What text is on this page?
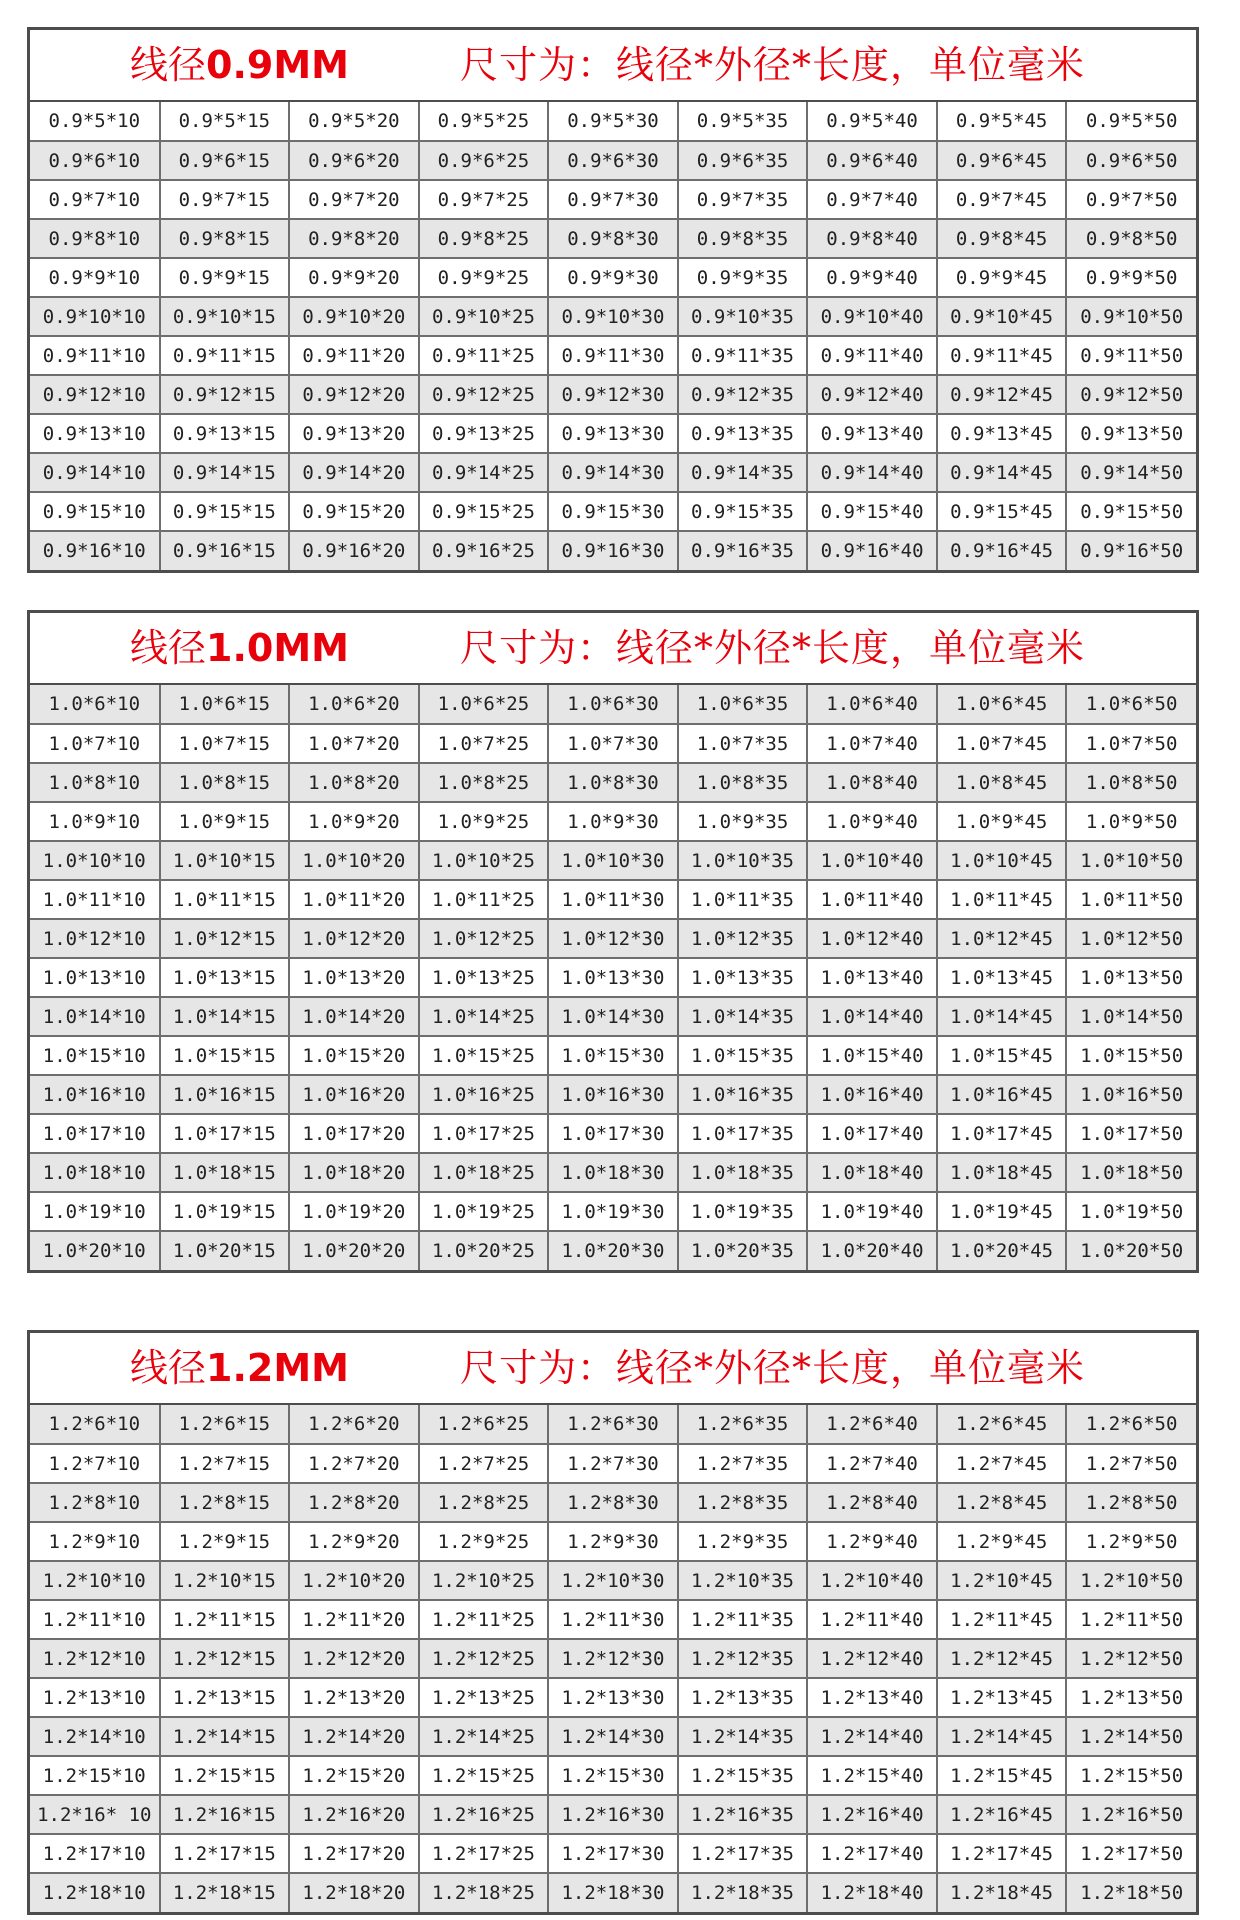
线径0.9MM	尺寸为：线径*外径*长度，单位毫米
0.9*5*10	0.9*5*15	0.9*5*20	0.9*5*25	0.9*5*30	0.9*5*35	0.9*5*40	0.9*5*45	0.9*5*50
0.9*6*10	0.9*6*15	0.9*6*20	0.9*6*25	0.9*6*30	0.9*6*35	0.9*6*40	0.9*6*45	0.9*6*50
0.9*7*10	0.9*7*15	0.9*7*20	0.9*7*25	0.9*7*30	0.9*7*35	0.9*7*40	0.9*7*45	0.9*7*50
0.9*8*10	0.9*8*15	0.9*8*20	0.9*8*25	0.9*8*30	0.9*8*35	0.9*8*40	0.9*8*45	0.9*8*50
0.9*9*10	0.9*9*15	0.9*9*20	0.9*9*25	0.9*9*30	0.9*9*35	0.9*9*40	0.9*9*45	0.9*9*50
0.9*10*10	0.9*10*15	0.9*10*20	0.9*10*25	0.9*10*30	0.9*10*35	0.9*10*40	0.9*10*45	0.9*10*50
0.9*11*10	0.9*11*15	0.9*11*20	0.9*11*25	0.9*11*30	0.9*11*35	0.9*11*40	0.9*11*45	0.9*11*50
0.9*12*10	0.9*12*15	0.9*12*20	0.9*12*25	0.9*12*30	0.9*12*35	0.9*12*40	0.9*12*45	0.9*12*50
0.9*13*10	0.9*13*15	0.9*13*20	0.9*13*25	0.9*13*30	0.9*13*35	0.9*13*40	0.9*13*45	0.9*13*50
0.9*14*10	0.9*14*15	0.9*14*20	0.9*14*25	0.9*14*30	0.9*14*35	0.9*14*40	0.9*14*45	0.9*14*50
0.9*15*10	0.9*15*15	0.9*15*20	0.9*15*25	0.9*15*30	0.9*15*35	0.9*15*40	0.9*15*45	0.9*15*50
0.9*16*10	0.9*16*15	0.9*16*20	0.9*16*25	0.9*16*30	0.9*16*35	0.9*16*40	0.9*16*45	0.9*16*50
线径1.0MM	尺寸为：线径*外径*长度，单位毫米
1.0*6*10	1.0*6*15	1.0*6*20	1.0*6*25	1.0*6*30	1.0*6*35	1.0*6*40	1.0*6*45	1.0*6*50
1.0*7*10	1.0*7*15	1.0*7*20	1.0*7*25	1.0*7*30	1.0*7*35	1.0*7*40	1.0*7*45	1.0*7*50
1.0*8*10	1.0*8*15	1.0*8*20	1.0*8*25	1.0*8*30	1.0*8*35	1.0*8*40	1.0*8*45	1.0*8*50
1.0*9*10	1.0*9*15	1.0*9*20	1.0*9*25	1.0*9*30	1.0*9*35	1.0*9*40	1.0*9*45	1.0*9*50
1.0*10*10	1.0*10*15	1.0*10*20	1.0*10*25	1.0*10*30	1.0*10*35	1.0*10*40	1.0*10*45	1.0*10*50
1.0*11*10	1.0*11*15	1.0*11*20	1.0*11*25	1.0*11*30	1.0*11*35	1.0*11*40	1.0*11*45	1.0*11*50
1.0*12*10	1.0*12*15	1.0*12*20	1.0*12*25	1.0*12*30	1.0*12*35	1.0*12*40	1.0*12*45	1.0*12*50
1.0*13*10	1.0*13*15	1.0*13*20	1.0*13*25	1.0*13*30	1.0*13*35	1.0*13*40	1.0*13*45	1.0*13*50
1.0*14*10	1.0*14*15	1.0*14*20	1.0*14*25	1.0*14*30	1.0*14*35	1.0*14*40	1.0*14*45	1.0*14*50
1.0*15*10	1.0*15*15	1.0*15*20	1.0*15*25	1.0*15*30	1.0*15*35	1.0*15*40	1.0*15*45	1.0*15*50
1.0*16*10	1.0*16*15	1.0*16*20	1.0*16*25	1.0*16*30	1.0*16*35	1.0*16*40	1.0*16*45	1.0*16*50
1.0*17*10	1.0*17*15	1.0*17*20	1.0*17*25	1.0*17*30	1.0*17*35	1.0*17*40	1.0*17*45	1.0*17*50
1.0*18*10	1.0*18*15	1.0*18*20	1.0*18*25	1.0*18*30	1.0*18*35	1.0*18*40	1.0*18*45	1.0*18*50
1.0*19*10	1.0*19*15	1.0*19*20	1.0*19*25	1.0*19*30	1.0*19*35	1.0*19*40	1.0*19*45	1.0*19*50
1.0*20*10	1.0*20*15	1.0*20*20	1.0*20*25	1.0*20*30	1.0*20*35	1.0*20*40	1.0*20*45	1.0*20*50
线径1.2MM	尺寸为：线径*外径*长度，单位毫米
1.2*6*10	1.2*6*15	1.2*6*20	1.2*6*25	1.2*6*30	1.2*6*35	1.2*6*40	1.2*6*45	1.2*6*50
1.2*7*10	1.2*7*15	1.2*7*20	1.2*7*25	1.2*7*30	1.2*7*35	1.2*7*40	1.2*7*45	1.2*7*50
1.2*8*10	1.2*8*15	1.2*8*20	1.2*8*25	1.2*8*30	1.2*8*35	1.2*8*40	1.2*8*45	1.2*8*50
1.2*9*10	1.2*9*15	1.2*9*20	1.2*9*25	1.2*9*30	1.2*9*35	1.2*9*40	1.2*9*45	1.2*9*50
1.2*10*10	1.2*10*15	1.2*10*20	1.2*10*25	1.2*10*30	1.2*10*35	1.2*10*40	1.2*10*45	1.2*10*50
1.2*11*10	1.2*11*15	1.2*11*20	1.2*11*25	1.2*11*30	1.2*11*35	1.2*11*40	1.2*11*45	1.2*11*50
1.2*12*10	1.2*12*15	1.2*12*20	1.2*12*25	1.2*12*30	1.2*12*35	1.2*12*40	1.2*12*45	1.2*12*50
1.2*13*10	1.2*13*15	1.2*13*20	1.2*13*25	1.2*13*30	1.2*13*35	1.2*13*40	1.2*13*45	1.2*13*50
1.2*14*10	1.2*14*15	1.2*14*20	1.2*14*25	1.2*14*30	1.2*14*35	1.2*14*40	1.2*14*45	1.2*14*50
1.2*15*10	1.2*15*15	1.2*15*20	1.2*15*25	1.2*15*30	1.2*15*35	1.2*15*40	1.2*15*45	1.2*15*50
1.2*16* 10	1.2*16*15	1.2*16*20	1.2*16*25	1.2*16*30	1.2*16*35	1.2*16*40	1.2*16*45	1.2*16*50
1.2*17*10	1.2*17*15	1.2*17*20	1.2*17*25	1.2*17*30	1.2*17*35	1.2*17*40	1.2*17*45	1.2*17*50
1.2*18*10	1.2*18*15	1.2*18*20	1.2*18*25	1.2*18*30	1.2*18*35	1.2*18*40	1.2*18*45	1.2*18*50
